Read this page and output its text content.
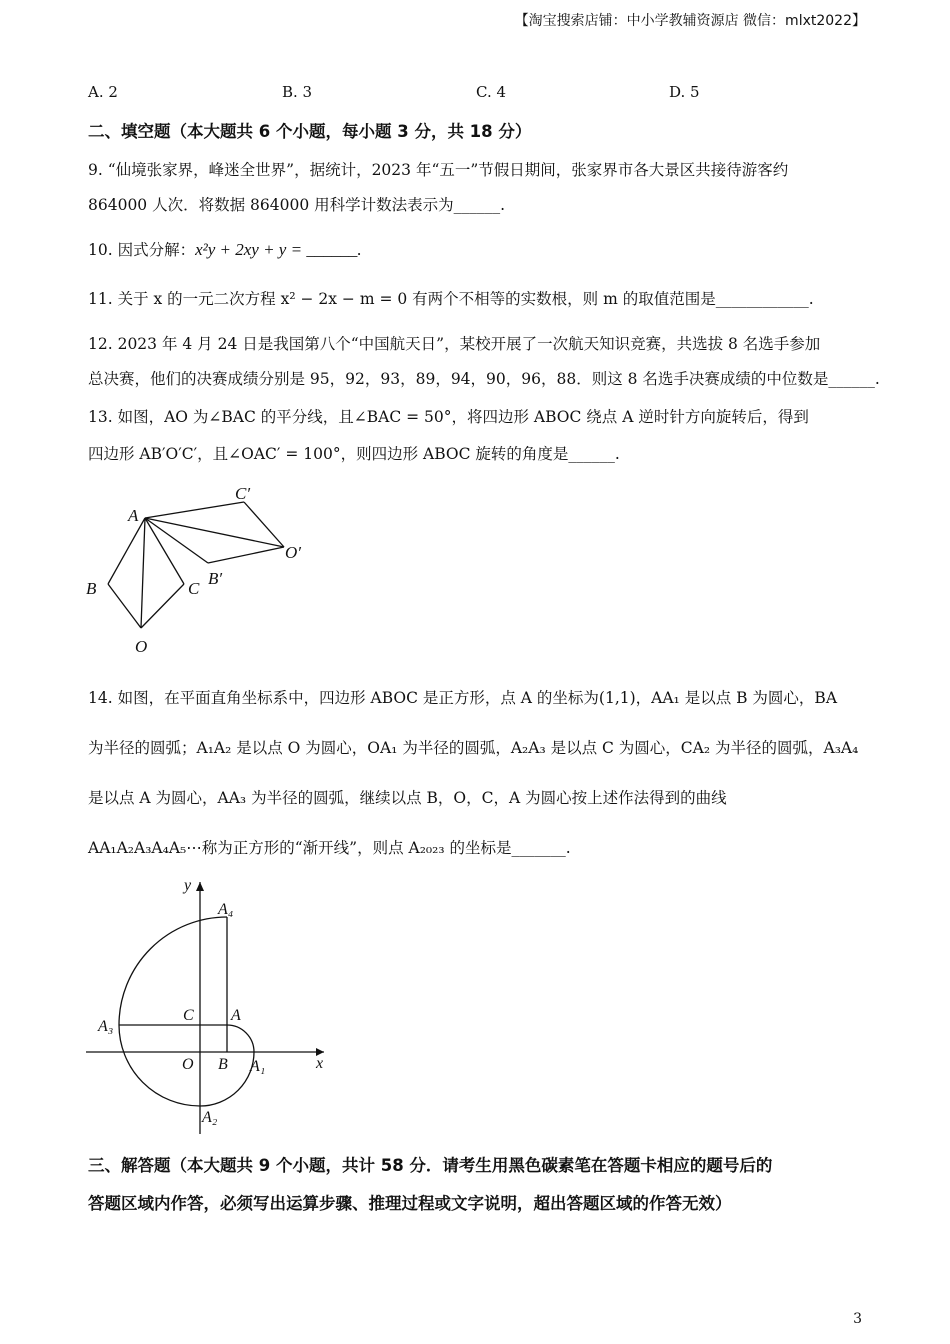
【淘宝搜索店铺：中小学教辅资源店 微信：mlxt2022】
A. 2	B. 3	C. 4	D. 5
二、填空题（本大题共 6 个小题，每小题 3 分，共 18 分）
9. “仙境张家界，峰迷全世界”，据统计，2023 年“五一”节假日期间，张家界市各大景区共接待游客约
864000 人次．将数据 864000 用科学计数法表示为______.
10. 因式分解：x²y + 2xy + y = ______.
11. 关于 x 的一元二次方程 x² − 2x − m = 0 有两个不相等的实数根，则 m 的取值范围是____________.
12. 2023 年 4 月 24 日是我国第八个“中国航天日”，某校开展了一次航天知识竞赛，共选拔 8 名选手参加
总决赛，他们的决赛成绩分别是 95，92，93，89，94，90，96，88．则这 8 名选手决赛成绩的中位数是______.
13. 如图，AO 为∠BAC 的平分线，且∠BAC = 50°，将四边形 ABOC 绕点 A 逆时针方向旋转后，得到
四边形 AB′O′C′，且∠OAC′ = 100°，则四边形 ABOC 旋转的角度是______.
A
B	C
O
B′
C′
O′
14. 如图，在平面直角坐标系中，四边形 ABOC 是正方形，点 A 的坐标为(1,1)，AA₁ 是以点 B 为圆心，BA
为半径的圆弧；A₁A₂ 是以点 O 为圆心，OA₁ 为半径的圆弧，A₂A₃ 是以点 C 为圆心，CA₂ 为半径的圆弧，A₃A₄
是以点 A 为圆心，AA₃ 为半径的圆弧，继续以点 B，O，C，A 为圆心按上述作法得到的曲线
AA₁A₂A₃A₄A₅⋯称为正方形的“渐开线”，则点 A₂₀₂₃ 的坐标是_______.
y
x
A₄
C A
A₃
O B A₁
A₂
三、解答题（本大题共 9 个小题，共计 58 分．请考生用黑色碳素笔在答题卡相应的题号后的
答题区域内作答，必须写出运算步骤、推理过程或文字说明，超出答题区域的作答无效）
3
